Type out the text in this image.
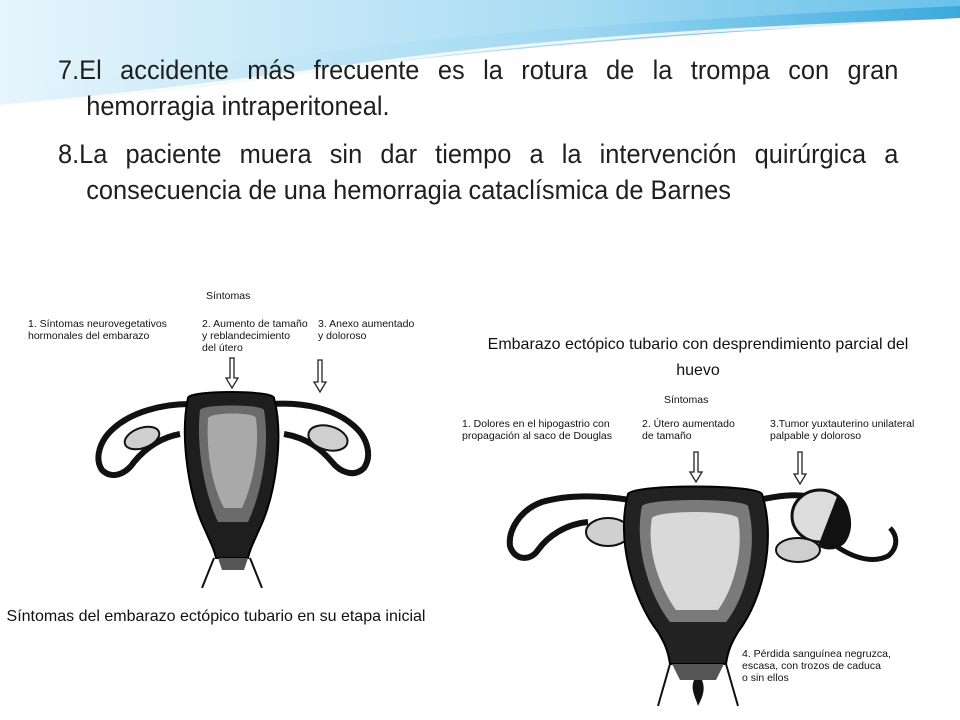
7.El accidente más frecuente es la rotura de la trompa con gran hemorragia intraperitoneal.

8.La paciente muera sin dar tiempo a la intervención quirúrgica a consecuencia de una hemorragia cataclísmica de Barnes

Síntomas
1. Síntomas neurovegetativos
hormonales del embarazo
2. Aumento de tamaño
y reblandecimiento
del útero
3. Anexo aumentado
y doloroso
Síntomas del embarazo ectópico tubario en su etapa inicial
Embarazo ectópico tubario con desprendimiento parcial del huevo
Síntomas
1. Dolores en el hipogastrio con
propagación al saco de Douglas
2. Útero aumentado
de tamaño
3.Tumor yuxtauterino unilateral
palpable y doloroso
4. Pérdida sanguínea negruzca,
escasa, con trozos de caduca
o sin ellos
